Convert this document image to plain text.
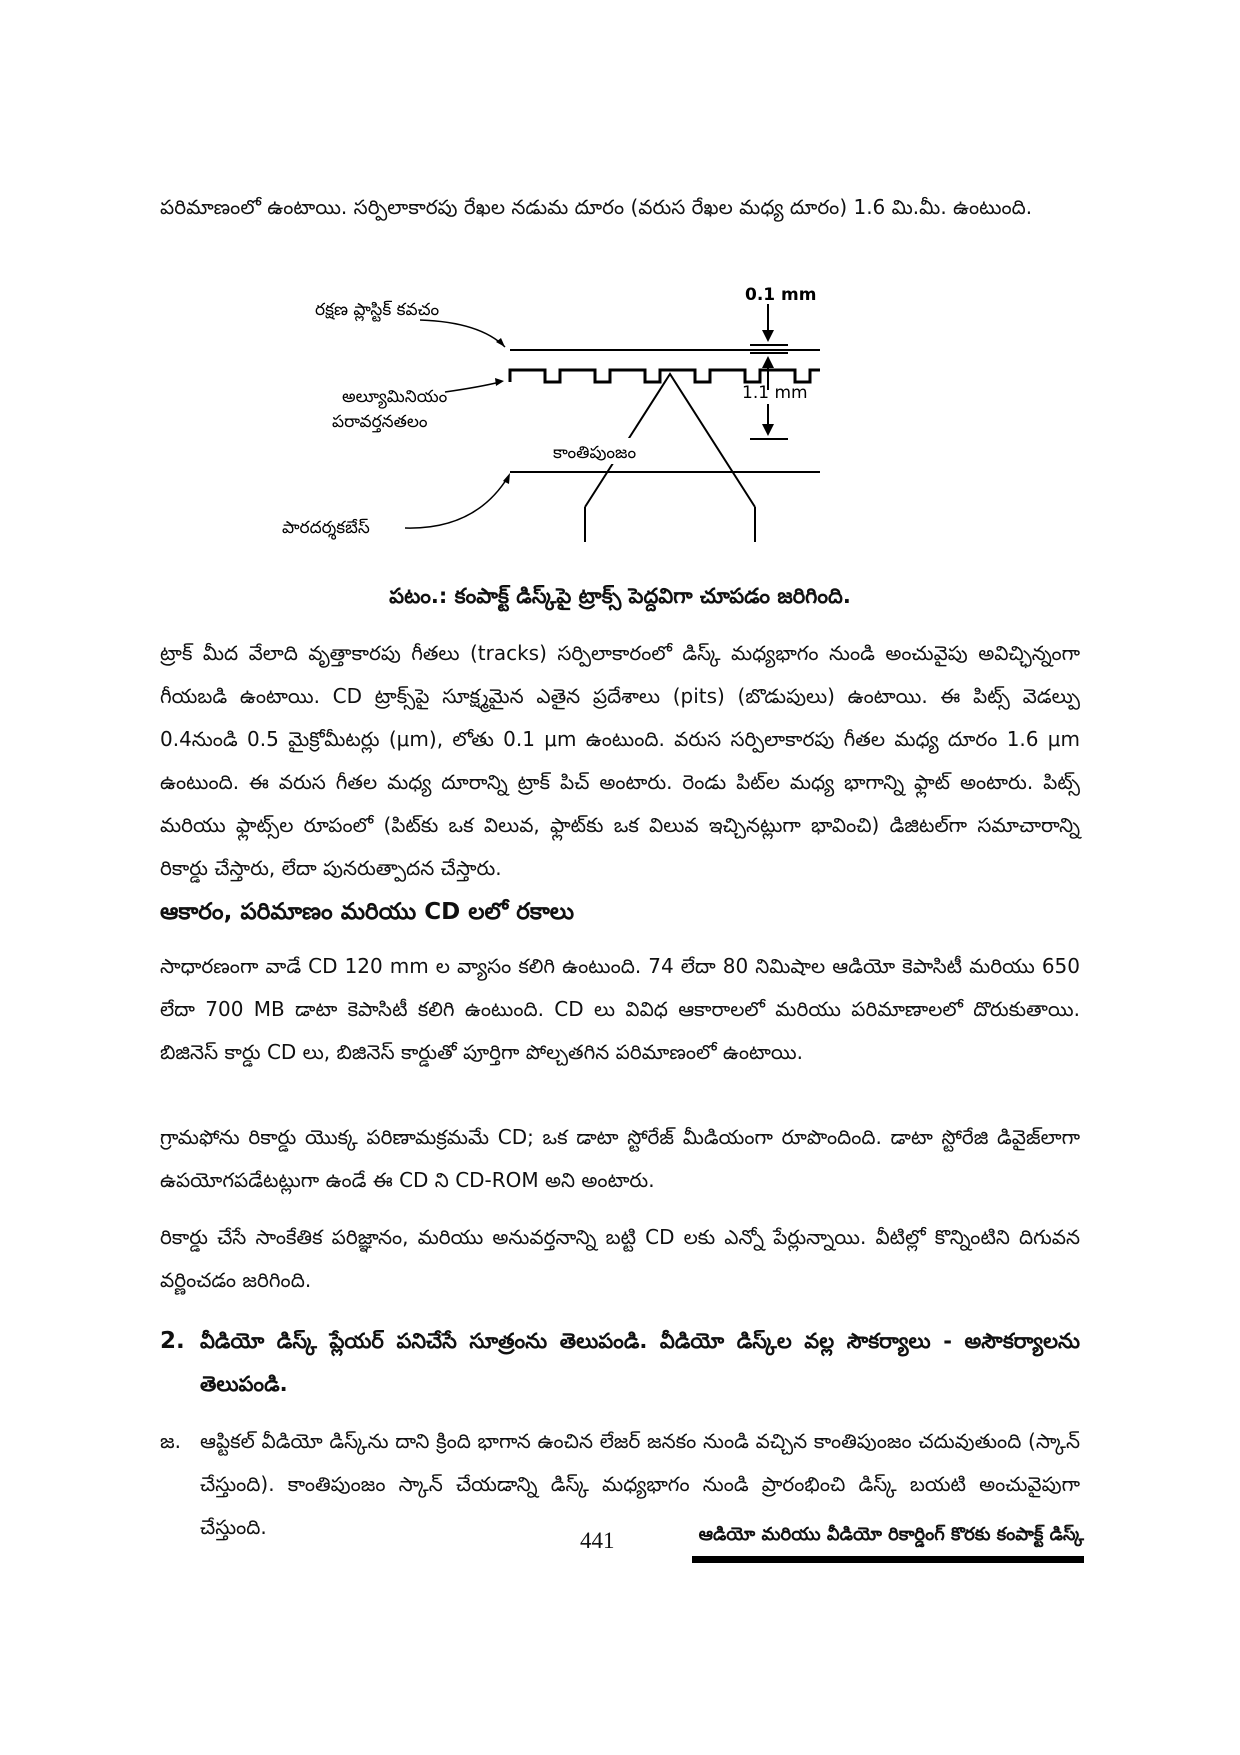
పరిమాణంలో ఉంటాయి. సర్పిలాకారపు రేఖల నడుమ దూరం (వరుస రేఖల మధ్య దూరం) 1.6 మి.మీ. ఉంటుంది.
రక్షణ ప్లాస్టిక్ కవచం
అల్యూమినియం
పరావర్తనతలం
కాంతిపుంజం
పారదర్శకబేస్
0.1 mm
1.1 mm
పటం.: కంపాక్ట్ డిస్క్‌పై ట్రాక్స్ పెద్దవిగా చూపడం జరిగింది.
ట్రాక్ మీద వేలాది వృత్తాకారపు గీతలు (tracks) సర్పిలాకారంలో డిస్క్ మధ్యభాగం నుండి అంచువైపు అవిచ్ఛిన్నంగా గీయబడి ఉంటాయి. CD ట్రాక్స్‌పై సూక్ష్మమైన ఎతైన ప్రదేశాలు (pits) (బొడుపులు) ఉంటాయి. ఈ పిట్స్ వెడల్పు 0.4నుండి 0.5 మైక్రోమీటర్లు (μm), లోతు 0.1 μm ఉంటుంది. వరుస సర్పిలాకారపు గీతల మధ్య దూరం 1.6 μm ఉంటుంది. ఈ వరుస గీతల మధ్య దూరాన్ని ట్రాక్ పిచ్ అంటారు. రెండు పిట్‌ల మధ్య భాగాన్ని ఫ్లాట్ అంటారు. పిట్స్ మరియు ఫ్లాట్స్‌ల రూపంలో (పిట్‌కు ఒక విలువ, ఫ్లాట్‌కు ఒక విలువ ఇచ్చినట్లుగా భావించి) డిజిటల్‌గా సమాచారాన్ని రికార్డు చేస్తారు, లేదా పునరుత్పాదన చేస్తారు.
ఆకారం, పరిమాణం మరియు CD లలో రకాలు
సాధారణంగా వాడే CD 120 mm ల వ్యాసం కలిగి ఉంటుంది. 74 లేదా 80 నిమిషాల ఆడియో కెపాసిటీ మరియు 650 లేదా 700 MB డాటా కెపాసిటీ కలిగి ఉంటుంది. CD లు వివిధ ఆకారాలలో మరియు పరిమాణాలలో దొరుకుతాయి. బిజినెస్ కార్డు CD లు, బిజినెస్ కార్డుతో పూర్తిగా పోల్చతగిన పరిమాణంలో ఉంటాయి.
గ్రామఫోను రికార్డు యొక్క పరిణామక్రమమే CD; ఒక డాటా స్టోరేజ్ మీడియంగా రూపొందింది. డాటా స్టోరేజి డివైజ్‌లాగా ఉపయోగపడేటట్లుగా ఉండే ఈ CD ని CD-ROM అని అంటారు.
రికార్డు చేసే సాంకేతిక పరిజ్ఞానం, మరియు అనువర్తనాన్ని బట్టి CD లకు ఎన్నో పేర్లున్నాయి. వీటిల్లో కొన్నింటిని దిగువన వర్ణించడం జరిగింది.
2. వీడియో డిస్క్ ప్లేయర్ పనిచేసే సూత్రంను తెలుపండి. వీడియో డిస్క్‌ల వల్ల సౌకర్యాలు - అసౌకర్యాలను తెలుపండి.
జ. ఆప్టికల్ వీడియో డిస్క్‌ను దాని క్రింది భాగాన ఉంచిన లేజర్ జనకం నుండి వచ్చిన కాంతిపుంజం చదువుతుంది (స్కాన్ చేస్తుంది). కాంతిపుంజం స్కాన్ చేయడాన్ని డిస్క్ మధ్యభాగం నుండి ప్రారంభించి డిస్క్ బయటి అంచువైపుగా చేస్తుంది.
441	ఆడియో మరియు వీడియో రికార్డింగ్ కొరకు కంపాక్ట్ డిస్క్
